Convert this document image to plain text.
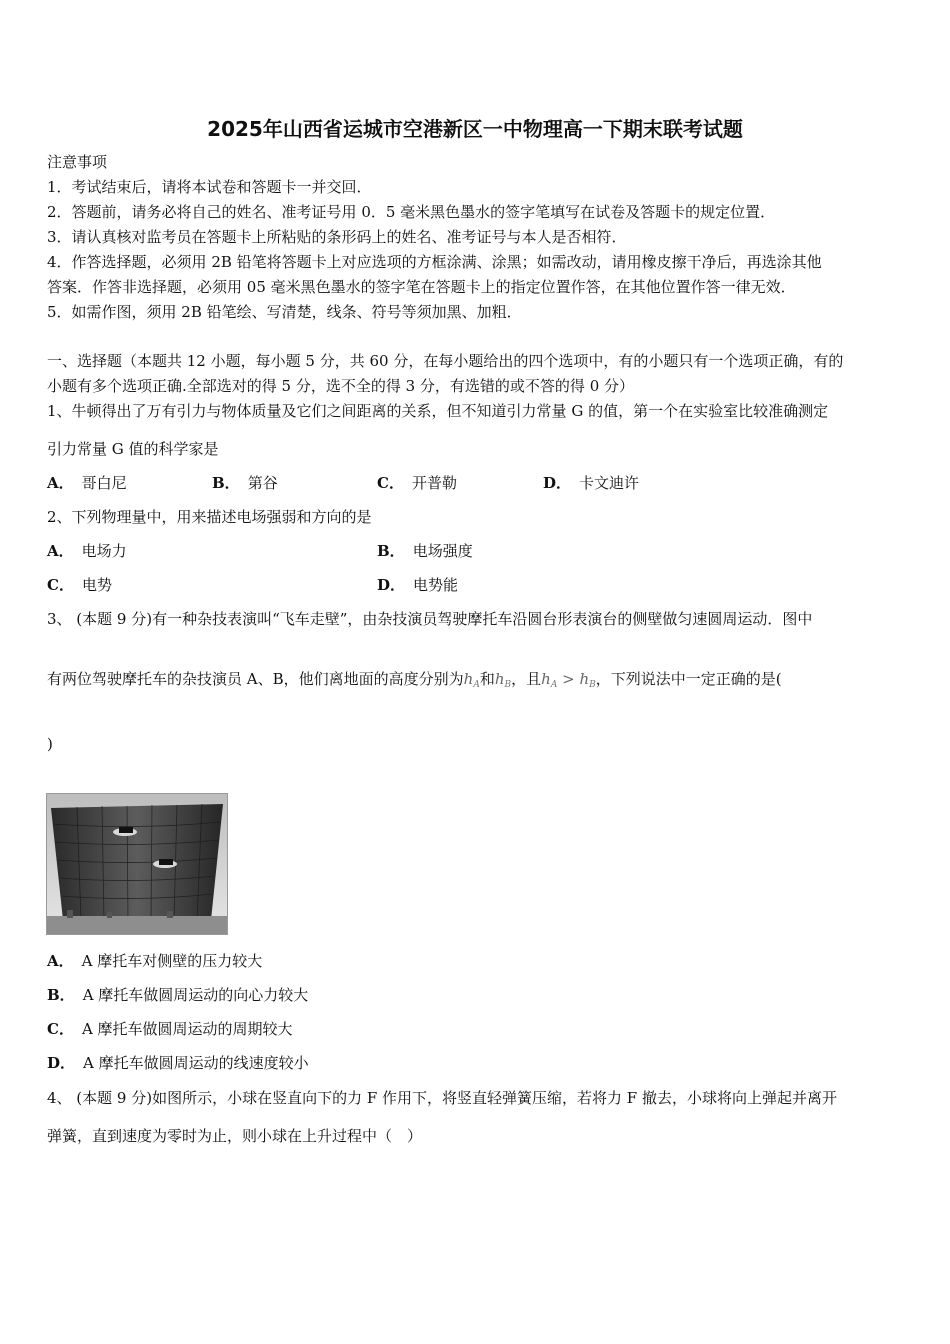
2025年山西省运城市空港新区一中物理高一下期末联考试题
注意事项
1．考试结束后，请将本试卷和答题卡一并交回．
2．答题前，请务必将自己的姓名、准考证号用 0．5 毫米黑色墨水的签字笔填写在试卷及答题卡的规定位置．
3．请认真核对监考员在答题卡上所粘贴的条形码上的姓名、准考证号与本人是否相符．
4．作答选择题，必须用 2B 铅笔将答题卡上对应选项的方框涂满、涂黑；如需改动，请用橡皮擦干净后，再选涂其他
答案．作答非选择题，必须用 05 毫米黑色墨水的签字笔在答题卡上的指定位置作答，在其他位置作答一律无效．
5．如需作图，须用 2B 铅笔绘、写清楚，线条、符号等须加黑、加粗．
一、选择题（本题共 12 小题，每小题 5 分，共 60 分，在每小题给出的四个选项中，有的小题只有一个选项正确，有的
小题有多个选项正确.全部选对的得 5 分，选不全的得 3 分，有选错的或不答的得 0 分）
1、牛顿得出了万有引力与物体质量及它们之间距离的关系，但不知道引力常量 G 的值，第一个在实验室比较准确测定
引力常量 G 值的科学家是
A． 哥白尼	B． 第谷	C． 开普勒	D． 卡文迪许
2、下列物理量中，用来描述电场强弱和方向的是
A． 电场力	B． 电场强度
C． 电势	D． 电势能
3、 (本题 9 分)有一种杂技表演叫“飞车走壁”，由杂技演员驾驶摩托车沿圆台形表演台的侧壁做匀速圆周运动．图中
有两位驾驶摩托车的杂技演员 A、B，他们离地面的高度分别为$h_A$和$h_B$，且$h_A > h_B$，下列说法中一定正确的是(
)
A． A 摩托车对侧壁的压力较大
B． A 摩托车做圆周运动的向心力较大
C． A 摩托车做圆周运动的周期较大
D． A 摩托车做圆周运动的线速度较小
4、 (本题 9 分)如图所示，小球在竖直向下的力 F 作用下，将竖直轻弹簧压缩，若将力 F 撤去，小球将向上弹起并离开
弹簧，直到速度为零时为止，则小球在上升过程中（　）
